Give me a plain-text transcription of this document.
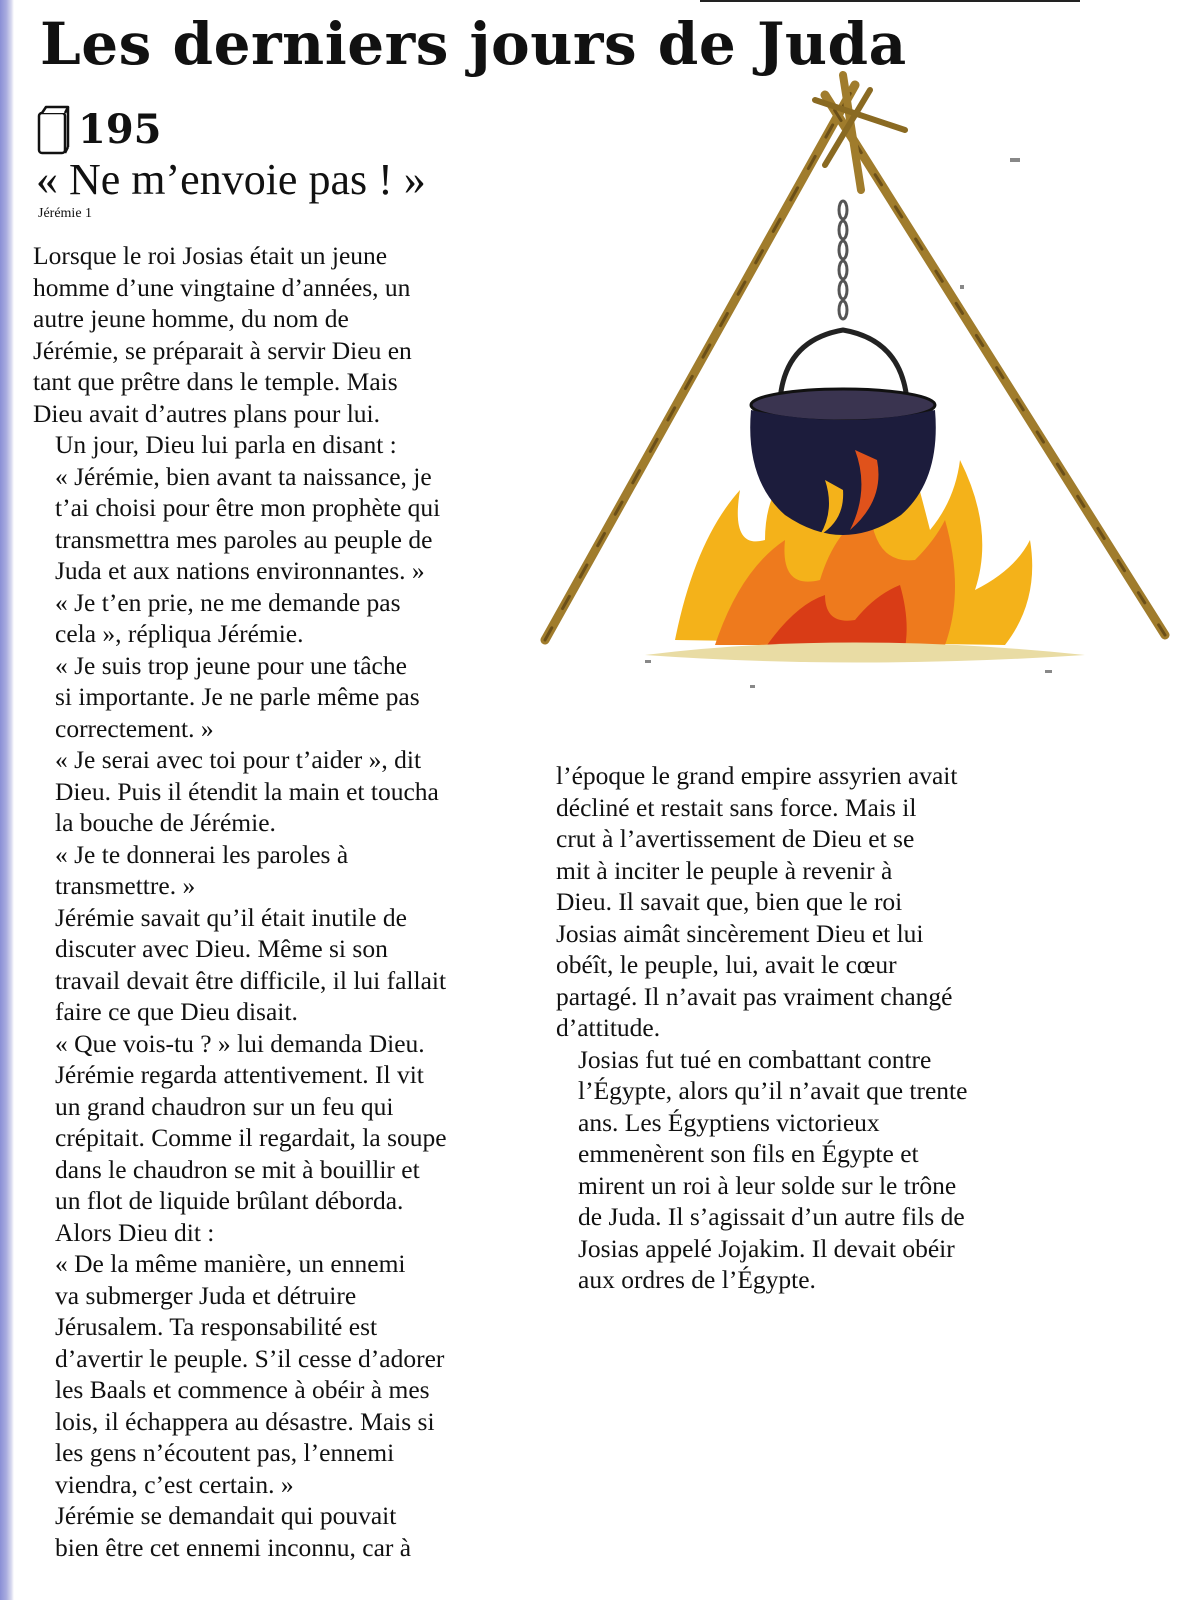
Les derniers jours de Juda
195
« Ne m’envoie pas ! »
Jérémie 1

Lorsque le roi Josias était un jeune
homme d’une vingtaine d’années, un
autre jeune homme, du nom de
Jérémie, se préparait à servir Dieu en
tant que prêtre dans le temple. Mais
Dieu avait d’autres plans pour lui.

Un jour, Dieu lui parla en disant :

« Jérémie, bien avant ta naissance, je
t’ai choisi pour être mon prophète qui
transmettra mes paroles au peuple de
Juda et aux nations environnantes. »

« Je t’en prie, ne me demande pas
cela », répliqua Jérémie.

« Je suis trop jeune pour une tâche
si importante. Je ne parle même pas
correctement. »

« Je serai avec toi pour t’aider », dit
Dieu. Puis il étendit la main et toucha
la bouche de Jérémie.

« Je te donnerai les paroles à
transmettre. »

Jérémie savait qu’il était inutile de
discuter avec Dieu. Même si son
travail devait être difficile, il lui fallait
faire ce que Dieu disait.

« Que vois-tu ? » lui demanda Dieu.

Jérémie regarda attentivement. Il vit
un grand chaudron sur un feu qui
crépitait. Comme il regardait, la soupe
dans le chaudron se mit à bouillir et
un flot de liquide brûlant déborda.

Alors Dieu dit :

« De la même manière, un ennemi
va submerger Juda et détruire
Jérusalem. Ta responsabilité est
d’avertir le peuple. S’il cesse d’adorer
les Baals et commence à obéir à mes
lois, il échappera au désastre. Mais si
les gens n’écoutent pas, l’ennemi
viendra, c’est certain. »

Jérémie se demandait qui pouvait
bien être cet ennemi inconnu, car à

l’époque le grand empire assyrien avait
décliné et restait sans force. Mais il
crut à l’avertissement de Dieu et se
mit à inciter le peuple à revenir à
Dieu. Il savait que, bien que le roi
Josias aimât sincèrement Dieu et lui
obéît, le peuple, lui, avait le cœur
partagé. Il n’avait pas vraiment changé
d’attitude.

Josias fut tué en combattant contre
l’Égypte, alors qu’il n’avait que trente
ans. Les Égyptiens victorieux
emmenèrent son fils en Égypte et
mirent un roi à leur solde sur le trône
de Juda. Il s’agissait d’un autre fils de
Josias appelé Jojakim. Il devait obéir
aux ordres de l’Égypte.
